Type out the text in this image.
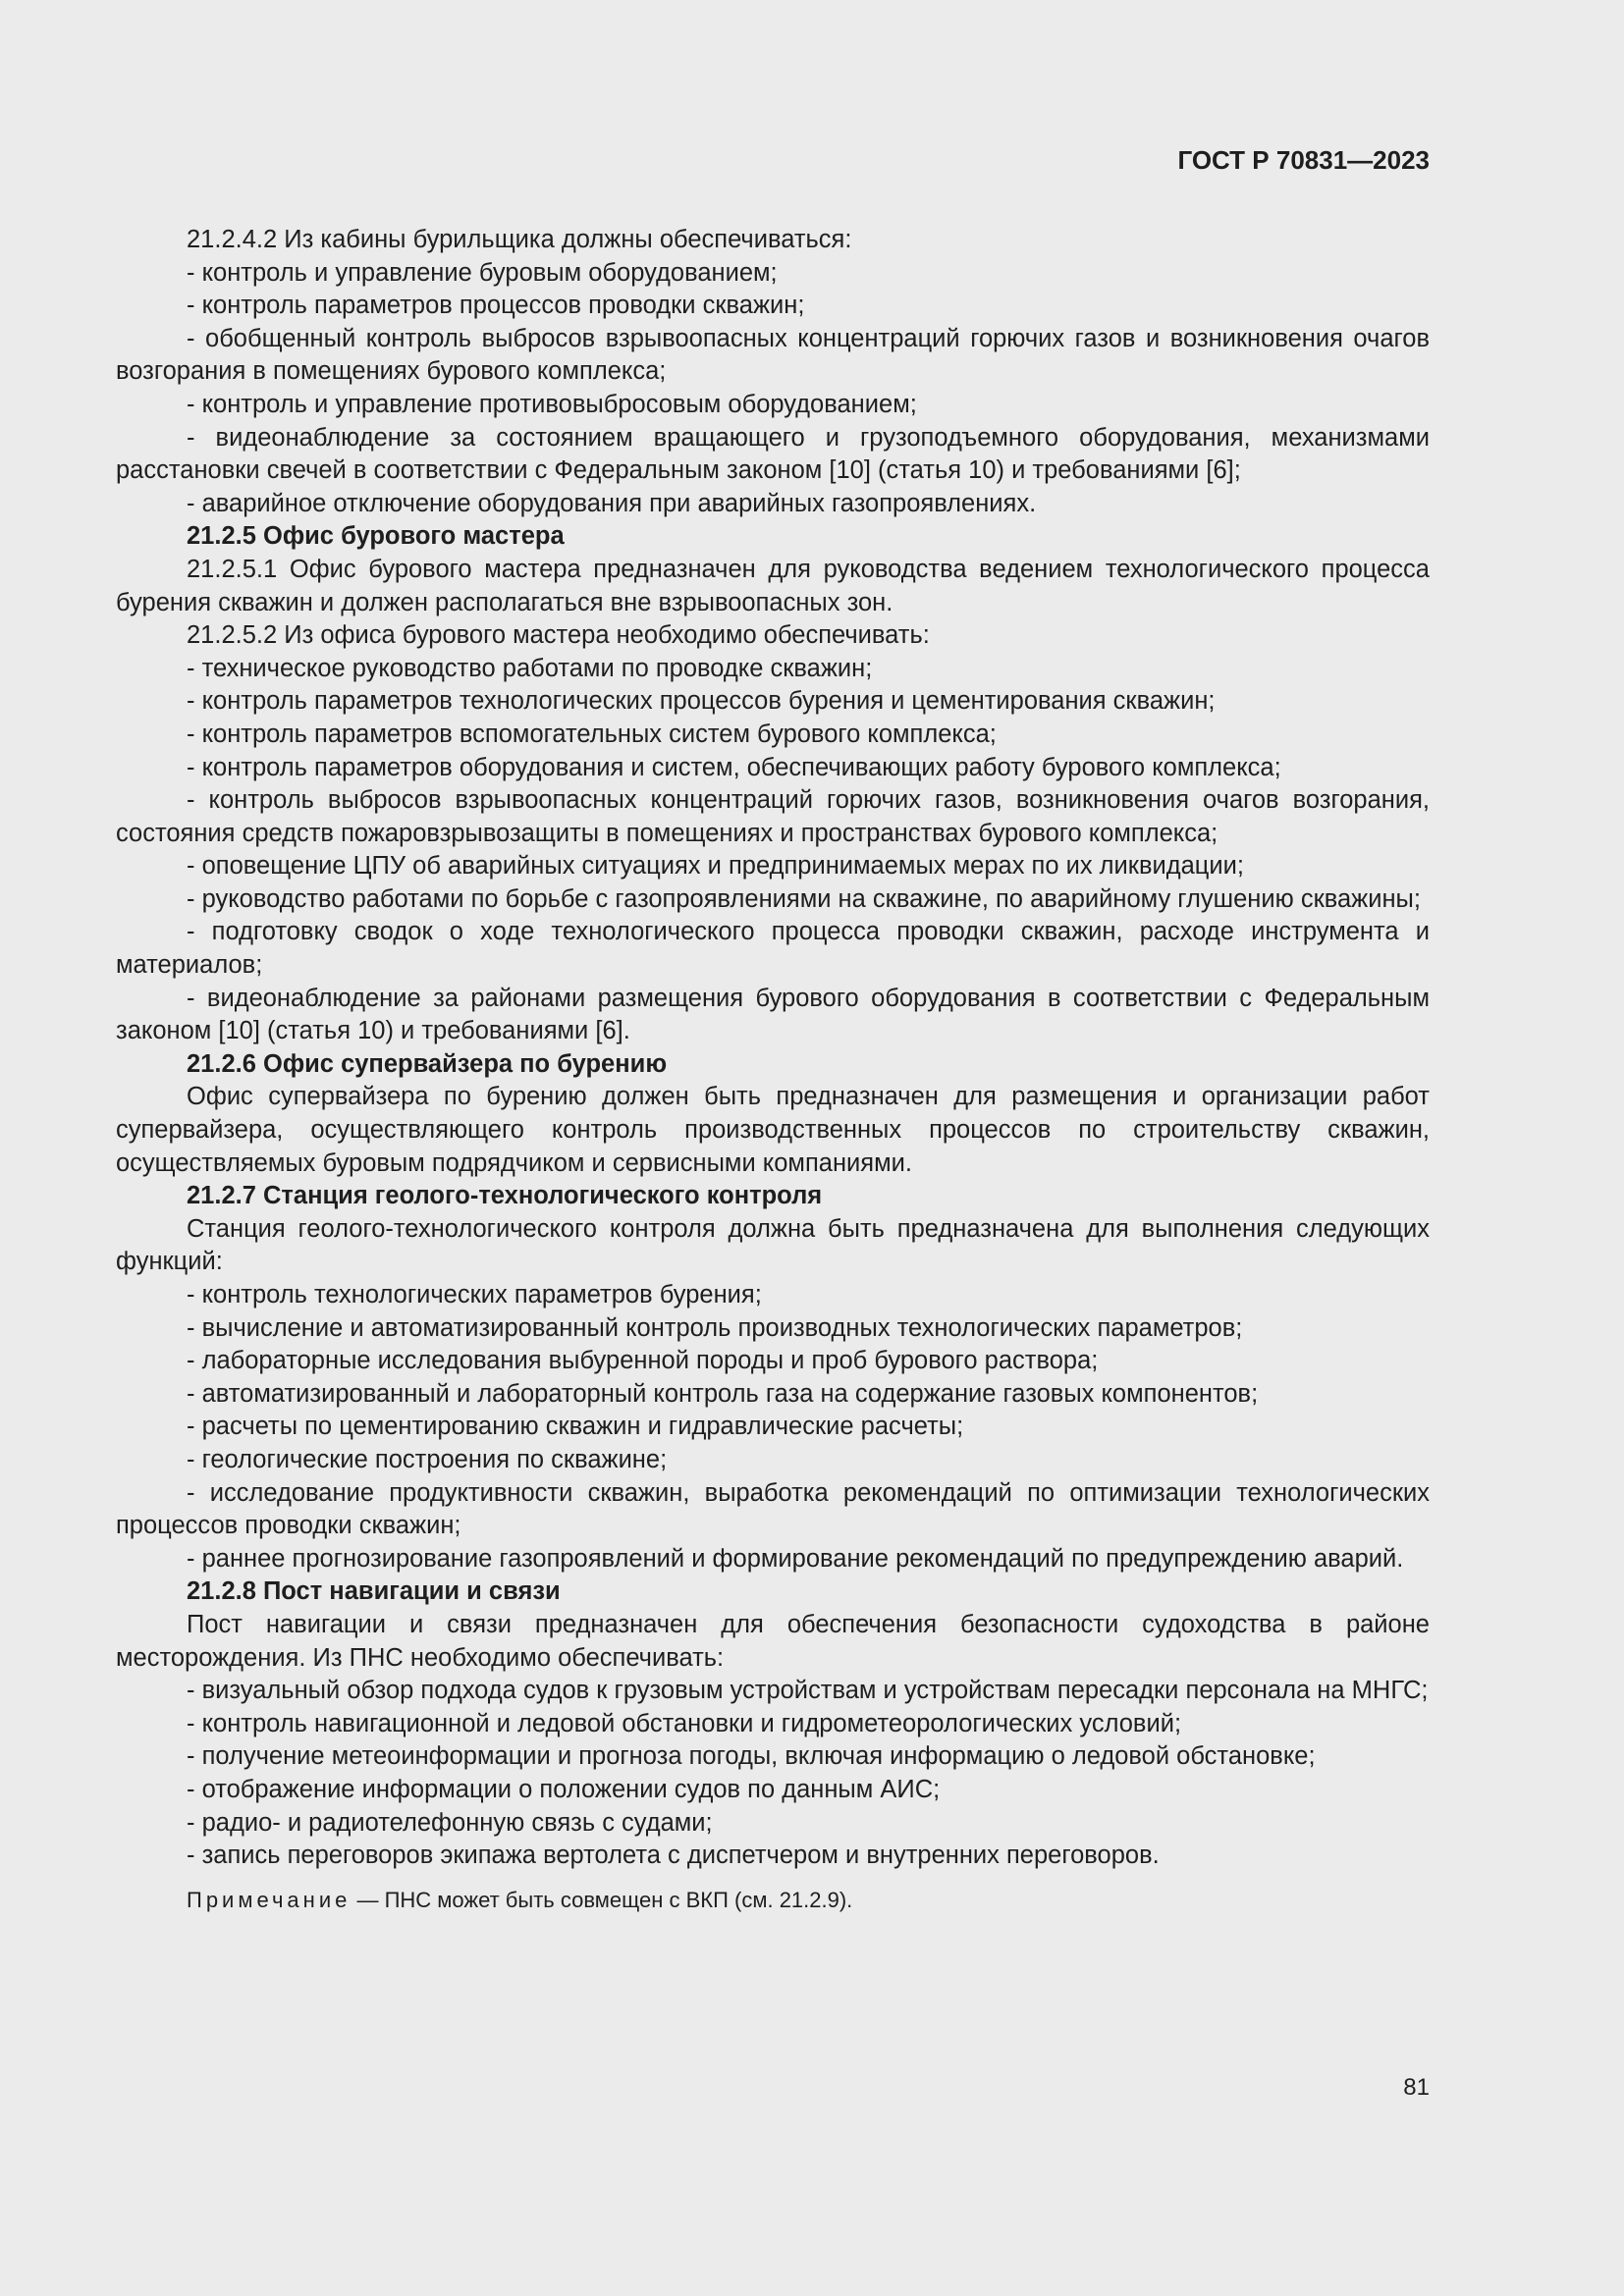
ГОСТ Р 70831—2023

21.2.4.2 Из кабины бурильщика должны обеспечиваться:

- контроль и управление буровым оборудованием;

- контроль параметров процессов проводки скважин;

- обобщенный контроль выбросов взрывоопасных концентраций горючих газов и возникновения очагов возгорания в помещениях бурового комплекса;

- контроль и управление противовыбросовым оборудованием;

- видеонаблюдение за состоянием вращающего и грузоподъемного оборудования, механизмами расстановки свечей в соответствии с Федеральным законом [10] (статья 10) и требованиями [6];

- аварийное отключение оборудования при аварийных газопроявлениях.

21.2.5 Офис бурового мастера

21.2.5.1 Офис бурового мастера предназначен для руководства ведением технологического процесса бурения скважин и должен располагаться вне взрывоопасных зон.

21.2.5.2 Из офиса бурового мастера необходимо обеспечивать:

- техническое руководство работами по проводке скважин;

- контроль параметров технологических процессов бурения и цементирования скважин;

- контроль параметров вспомогательных систем бурового комплекса;

- контроль параметров оборудования и систем, обеспечивающих работу бурового комплекса;

- контроль выбросов взрывоопасных концентраций горючих газов, возникновения очагов возгорания, состояния средств пожаровзрывозащиты в помещениях и пространствах бурового комплекса;

- оповещение ЦПУ об аварийных ситуациях и предпринимаемых мерах по их ликвидации;

- руководство работами по борьбе с газопроявлениями на скважине, по аварийному глушению скважины;

- подготовку сводок о ходе технологического процесса проводки скважин, расходе инструмента и материалов;

- видеонаблюдение за районами размещения бурового оборудования в соответствии с Федеральным законом [10] (статья 10) и требованиями [6].

21.2.6 Офис супервайзера по бурению

Офис супервайзера по бурению должен быть предназначен для размещения и организации работ супервайзера, осуществляющего контроль производственных процессов по строительству скважин, осуществляемых буровым подрядчиком и сервисными компаниями.

21.2.7 Станция геолого-технологического контроля

Станция геолого-технологического контроля должна быть предназначена для выполнения следующих функций:

- контроль технологических параметров бурения;

- вычисление и автоматизированный контроль производных технологических параметров;

- лабораторные исследования выбуренной породы и проб бурового раствора;

- автоматизированный и лабораторный контроль газа на содержание газовых компонентов;

- расчеты по цементированию скважин и гидравлические расчеты;

- геологические построения по скважине;

- исследование продуктивности скважин, выработка рекомендаций по оптимизации технологических процессов проводки скважин;

- раннее прогнозирование газопроявлений и формирование рекомендаций по предупреждению аварий.

21.2.8 Пост навигации и связи

Пост навигации и связи предназначен для обеспечения безопасности судоходства в районе месторождения. Из ПНС необходимо обеспечивать:

- визуальный обзор подхода судов к грузовым устройствам и устройствам пересадки персонала на МНГС;

- контроль навигационной и ледовой обстановки и гидрометеорологических условий;

- получение метеоинформации и прогноза погоды, включая информацию о ледовой обстановке;

- отображение информации о положении судов по данным АИС;

- радио- и радиотелефонную связь с судами;

- запись переговоров экипажа вертолета с диспетчером и внутренних переговоров.

Примечание — ПНС может быть совмещен с ВКП (см. 21.2.9).

81
